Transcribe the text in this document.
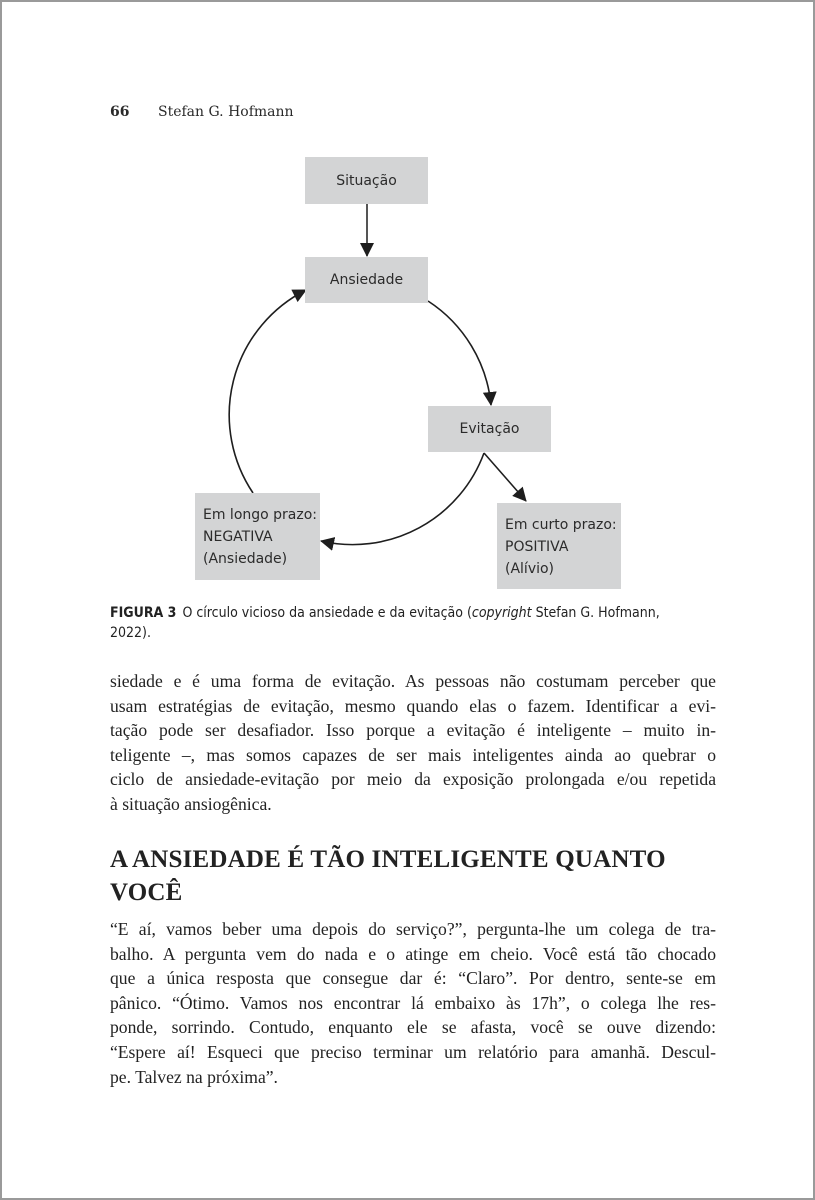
66 Stefan G. Hofmann
Situação
Ansiedade
Evitação
Em longo prazo:
NEGATIVA
(Ansiedade)
Em curto prazo:
POSITIVA
(Alívio)
FIGURA 3 O círculo vicioso da ansiedade e da evitação (copyright Stefan G. Hofmann,
2022).
siedade e é uma forma de evitação. As pessoas não costumam perceber que
usam estratégias de evitação, mesmo quando elas o fazem. Identificar a evi-
tação pode ser desafiador. Isso porque a evitação é inteligente – muito in-
teligente –, mas somos capazes de ser mais inteligentes ainda ao quebrar o
ciclo de ansiedade-evitação por meio da exposição prolongada e/ou repetida
à situação ansiogênica.
A ANSIEDADE É TÃO INTELIGENTE QUANTO
VOCÊ
“E aí, vamos beber uma depois do serviço?”, pergunta-lhe um colega de tra-
balho. A pergunta vem do nada e o atinge em cheio. Você está tão chocado
que a única resposta que consegue dar é: “Claro”. Por dentro, sente-se em
pânico. “Ótimo. Vamos nos encontrar lá embaixo às 17h”, o colega lhe res-
ponde, sorrindo. Contudo, enquanto ele se afasta, você se ouve dizendo:
“Espere aí! Esqueci que preciso terminar um relatório para amanhã. Descul-
pe. Talvez na próxima”.
